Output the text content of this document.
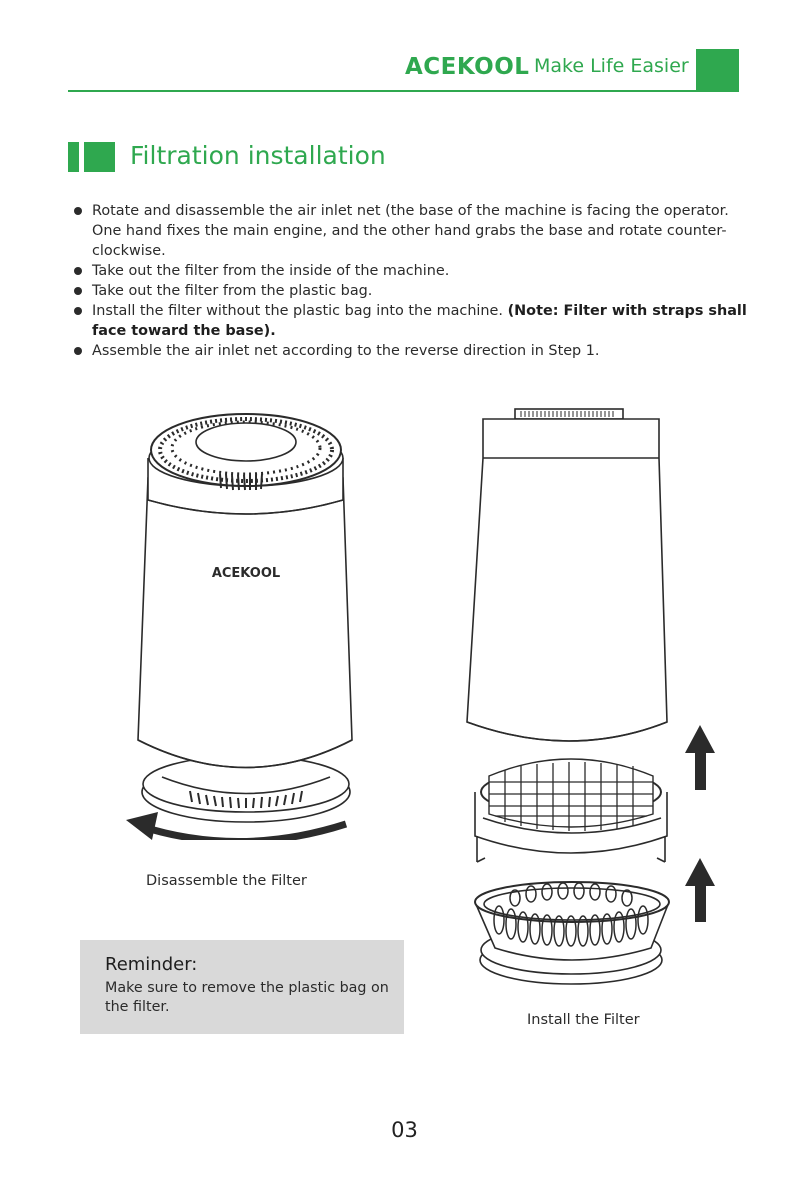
ACEKOOL Make Life Easier
Filtration installation
Rotate and disassemble the air inlet net (the base of the machine is facing the operator. One hand fixes the main engine, and the other hand grabs the base and rotate counter-clockwise.
Take out the filter from the inside of the machine.
Take out the filter from the plastic bag.
Install the filter without the plastic bag into the machine. (Note: Filter with straps shall face toward the base).
Assemble the air inlet net according to the reverse direction in Step 1.
ACEKOOL
Disassemble the Filter
Install the Filter
Reminder:
Make sure to remove the plastic bag on the filter.
03
